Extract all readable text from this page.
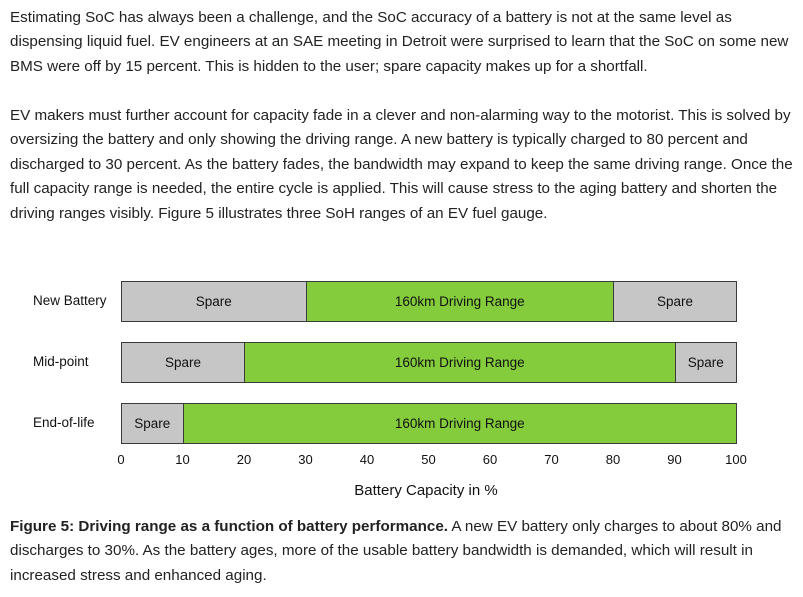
Estimating SoC has always been a challenge, and the SoC accuracy of a battery is not at the same level as dispensing liquid fuel. EV engineers at an SAE meeting in Detroit were surprised to learn that the SoC on some new BMS were off by 15 percent. This is hidden to the user; spare capacity makes up for a shortfall.

EV makers must further account for capacity fade in a clever and non-alarming way to the motorist. This is solved by oversizing the battery and only showing the driving range. A new battery is typically charged to 80 percent and discharged to 30 percent. As the battery fades, the bandwidth may expand to keep the same driving range. Once the full capacity range is needed, the entire cycle is applied. This will cause stress to the aging battery and shorten the driving ranges visibly. Figure 5 illustrates three SoH ranges of an EV fuel gauge.

New Battery	Spare	160km Driving Range	Spare
Mid-point	Spare	160km Driving Range	Spare
End-of-life	Spare	160km Driving Range
0	10	20	30	40	50	60	70	80	90	100
Battery Capacity in %

Figure 5: Driving range as a function of battery performance. A new EV battery only charges to about 80% and discharges to 30%. As the battery ages, more of the usable battery bandwidth is demanded, which will result in increased stress and enhanced aging.
